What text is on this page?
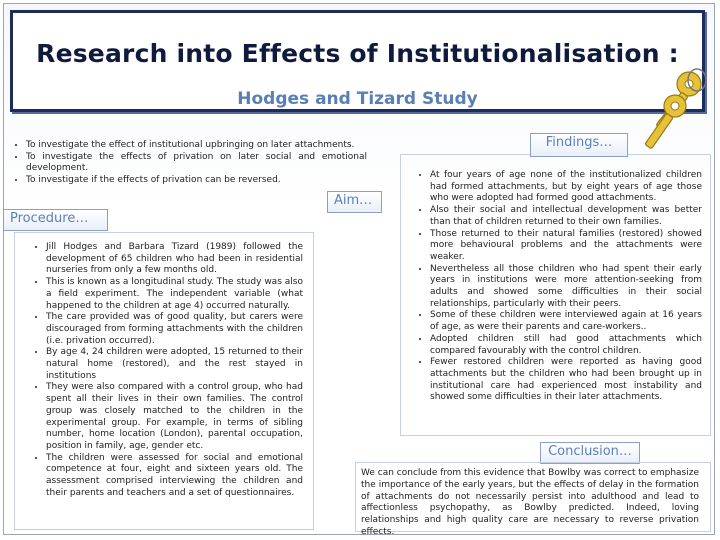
Research into Effects of Institutionalisation :
Hodges and Tizard Study
• To investigate the effect of institutional upbringing on later attachments.
• To investigate the effects of privation on later social and emotional development.
• To investigate if the effects of privation can be reversed.
Aim…
Procedure…
• Jill Hodges and Barbara Tizard (1989) followed the development of 65 children who had been in residential nurseries from only a few months old.
• This is known as a longitudinal study. The study was also a field experiment. The independent variable (what happened to the children at age 4) occurred naturally.
• The care provided was of good quality, but carers were discouraged from forming attachments with the children (i.e. privation occurred).
• By age 4, 24 children were adopted, 15 returned to their natural home (restored), and the rest stayed in institutions
• They were also compared with a control group, who had spent all their lives in their own families. The control group was closely matched to the children in the experimental group. For example, in terms of sibling number, home location (London), parental occupation, position in family, age, gender etc.
• The children were assessed for social and emotional competence at four, eight and sixteen years old. The assessment comprised interviewing the children and their parents and teachers and a set of questionnaires.
Findings…
• At four years of age none of the institutionalized children had formed attachments, but by eight years of age those who were adopted had formed good attachments.
• Also their social and intellectual development was better than that of children returned to their own families.
• Those returned to their natural families (restored) showed more behavioural problems and the attachments were weaker.
• Nevertheless all those children who had spent their early years in institutions were more attention-seeking from adults and showed some difficulties in their social relationships, particularly with their peers.
• Some of these children were interviewed again at 16 years of age, as were their parents and care-workers..
• Adopted children still had good attachments which compared favourably with the control children.
• Fewer restored children were reported as having good attachments but the children who had been brought up in institutional care had experienced most instability and showed some difficulties in their later attachments.
Conclusion…
We can conclude from this evidence that Bowlby was correct to emphasize the importance of the early years, but the effects of delay in the formation of attachments do not necessarily persist into adulthood and lead to affectionless psychopathy, as Bowlby predicted. Indeed, loving relationships and high quality care are necessary to reverse privation effects.
